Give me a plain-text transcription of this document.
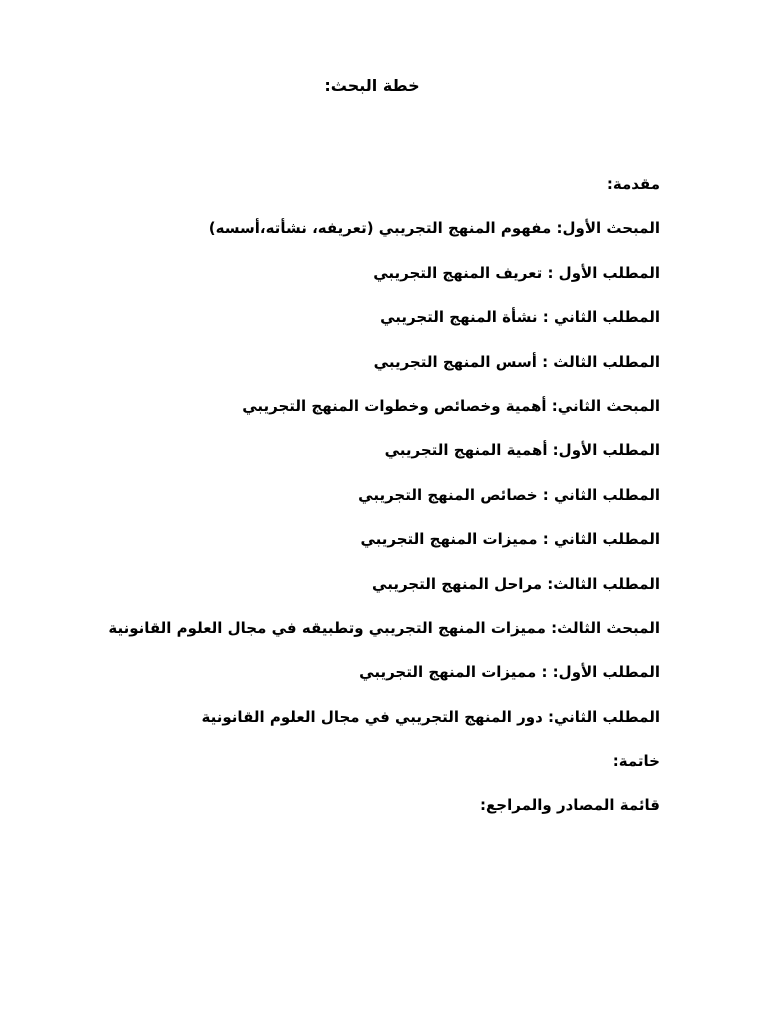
خطة البحث:
مقدمة:
المبحث الأول: مفهوم المنهج التجريبي (تعريفه، نشأته،أسسه)
المطلب الأول : تعريف المنهج التجريبي
المطلب الثاني : نشأة المنهج التجريبي
المطلب الثالث : أسس المنهج التجريبي
المبحث الثاني: أهمية وخصائص وخطوات المنهج التجريبي
المطلب الأول: أهمية المنهج التجريبي
المطلب الثاني : خصائص المنهج التجريبي
المطلب الثاني : مميزات المنهج التجريبي
المطلب الثالث: مراحل المنهج التجريبي
المبحث الثالث: مميزات المنهج التجريبي وتطبيقه في مجال العلوم القانونية
المطلب الأول: : مميزات المنهج التجريبي
المطلب الثاني: دور المنهج التجريبي في مجال العلوم القانونية
خاتمة:
قائمة المصادر والمراجع:
